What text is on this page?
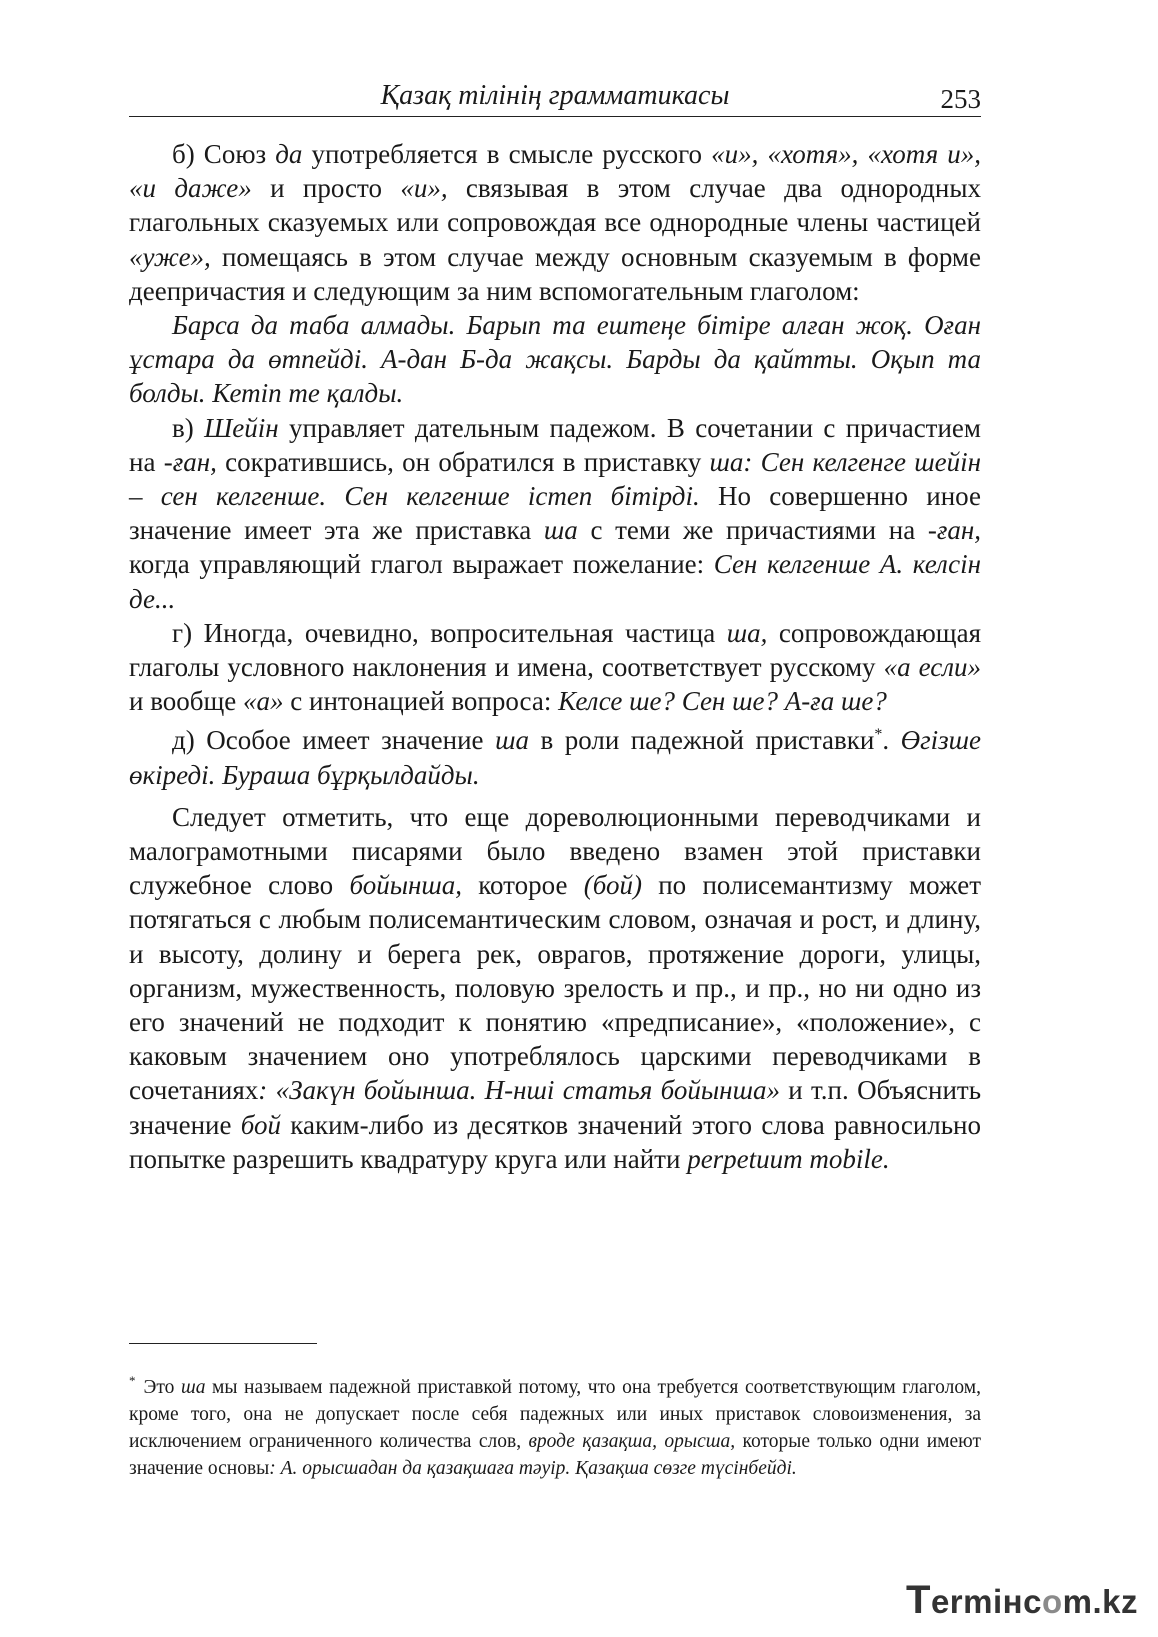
Қазақ тілінің грамматикасы	253

б) Союз да употребляется в смысле русского «и», «хотя», «хотя и», «и даже» и просто «и», связывая в этом случае два однородных глагольных сказуемых или сопровождая все однородные члены частицей «уже», помещаясь в этом случае между основным сказуемым в форме деепричастия и следующим за ним вспомогательным глаголом:

Барса да таба алмады. Барып та ештеңе бітіре алған жоқ. Оған ұстара да өтпейді. А-дан Б-да жақсы. Барды да қайтты. Оқып та болды. Кетіп те қалды.

в) Шейін управляет дательным падежом. В сочетании с причастием на -ған, сократившись, он обратился в приставку ша: Сен келгенге шейін – сен келгенше. Сен келгенше істеп бітірді. Но совершенно иное значение имеет эта же приставка ша с теми же причастиями на -ған, когда управляющий глагол выражает пожелание: Сен келгенше А. келсін де...

г) Иногда, очевидно, вопросительная частица ша, сопровождающая глаголы условного наклонения и имена, соответствует русскому «а если» и вообще «а» с интонацией вопроса: Келсе ше? Сен ше? А-ға ше?

д) Особое имеет значение ша в роли падежной приставки*. Өгізше өкіреді. Бураша бұрқылдайды.

Следует отметить, что еще дореволюционными переводчиками и малограмотными писарями было введено взамен этой приставки служебное слово бойынша, которое (бой) по полисемантизму может потягаться с любым полисемантическим словом, означая и рост, и длину, и высоту, долину и берега рек, оврагов, протяжение дороги, улицы, организм, мужественность, половую зрелость и пр., и пр., но ни одно из его значений не подходит к понятию «предписание», «положение», с каковым значением оно употреблялось царскими переводчиками в сочетаниях: «Закүн бойынша. Н-нші статья бойынша» и т.п. Объяснить значение бой каким-либо из десятков значений этого слова равносильно попытке разрешить квадратуру круга или найти perpetuum mobile.

* Это ша мы называем падежной приставкой потому, что она требуется соответствующим глаголом, кроме того, она не допускает после себя падежных или иных приставок словоизменения, за исключением ограниченного количества слов, вроде қазақша, орысша, которые только одни имеют значение основы: А. орысшадан да қазақшаға тәуір. Қазақша сөзге түсінбейді.

Termінсom.kz
